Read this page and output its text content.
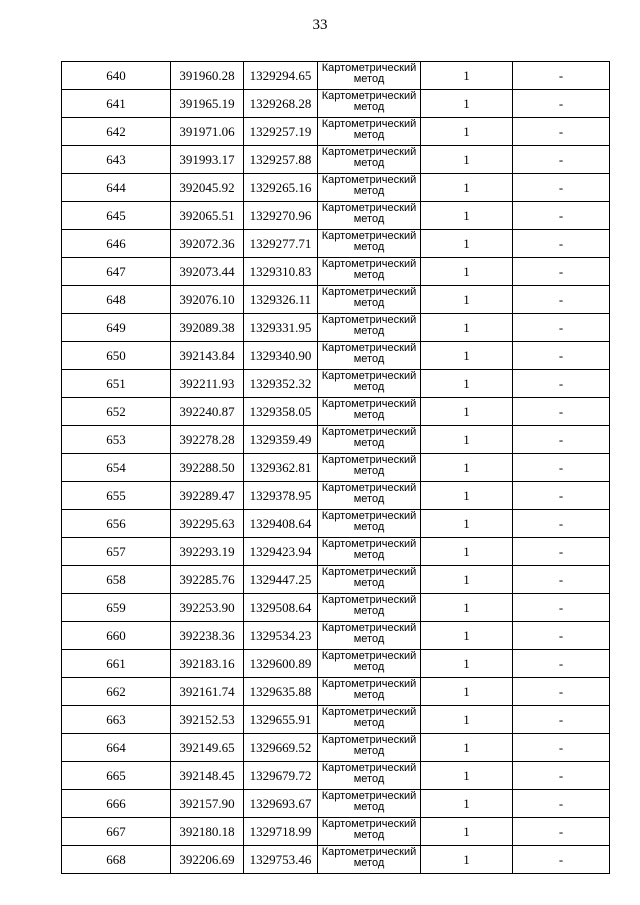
33
640	391960.28	1329294.65	Картометрический метод	1	-
641	391965.19	1329268.28	Картометрический метод	1	-
642	391971.06	1329257.19	Картометрический метод	1	-
643	391993.17	1329257.88	Картометрический метод	1	-
644	392045.92	1329265.16	Картометрический метод	1	-
645	392065.51	1329270.96	Картометрический метод	1	-
646	392072.36	1329277.71	Картометрический метод	1	-
647	392073.44	1329310.83	Картометрический метод	1	-
648	392076.10	1329326.11	Картометрический метод	1	-
649	392089.38	1329331.95	Картометрический метод	1	-
650	392143.84	1329340.90	Картометрический метод	1	-
651	392211.93	1329352.32	Картометрический метод	1	-
652	392240.87	1329358.05	Картометрический метод	1	-
653	392278.28	1329359.49	Картометрический метод	1	-
654	392288.50	1329362.81	Картометрический метод	1	-
655	392289.47	1329378.95	Картометрический метод	1	-
656	392295.63	1329408.64	Картометрический метод	1	-
657	392293.19	1329423.94	Картометрический метод	1	-
658	392285.76	1329447.25	Картометрический метод	1	-
659	392253.90	1329508.64	Картометрический метод	1	-
660	392238.36	1329534.23	Картометрический метод	1	-
661	392183.16	1329600.89	Картометрический метод	1	-
662	392161.74	1329635.88	Картометрический метод	1	-
663	392152.53	1329655.91	Картометрический метод	1	-
664	392149.65	1329669.52	Картометрический метод	1	-
665	392148.45	1329679.72	Картометрический метод	1	-
666	392157.90	1329693.67	Картометрический метод	1	-
667	392180.18	1329718.99	Картометрический метод	1	-
668	392206.69	1329753.46	Картометрический метод	1	-
